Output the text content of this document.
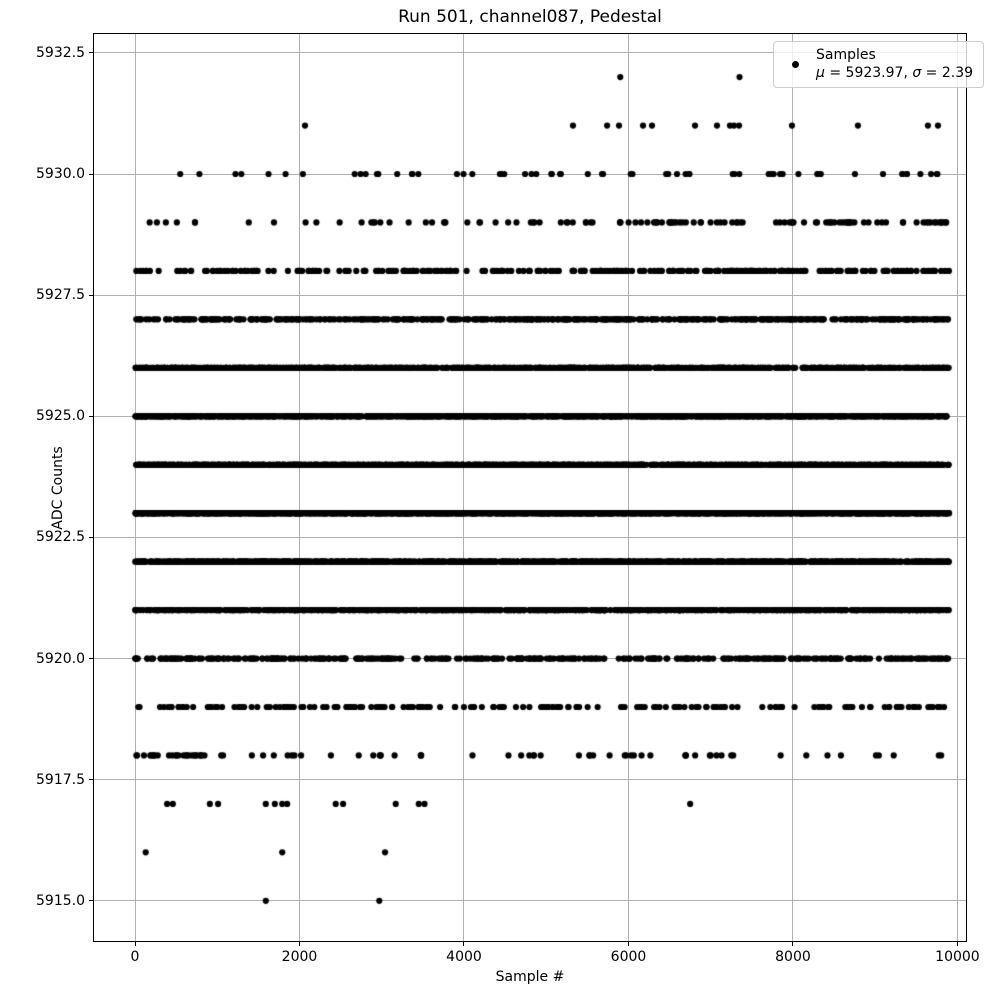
Run 501, channel087, Pedestal
0	2000	4000	6000	8000	10000
5915.0
5917.5
5920.0
5922.5
5925.0
5927.5
5930.0
5932.5
Sample #
ADC Counts
Samples
μ = 5923.97, σ = 2.39
